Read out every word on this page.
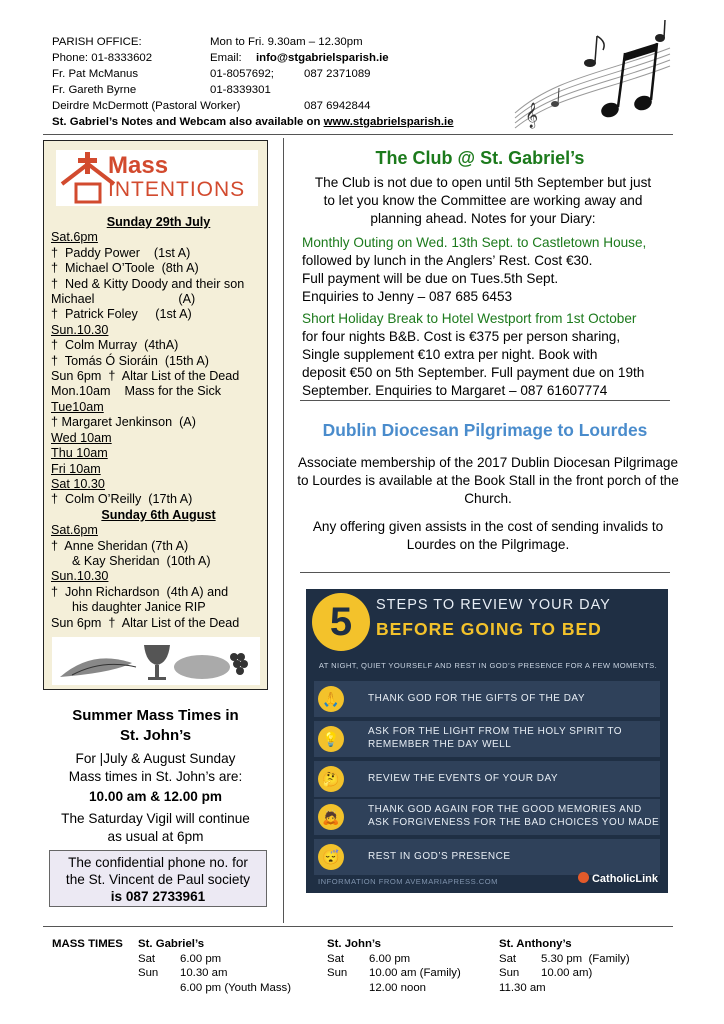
PARISH OFFICE:	Mon to Fri. 9.30am – 12.30pm
Phone: 01-8333602	Email:	info@stgabrielsparish.ie
Fr. Pat McManus	01-8057692;	087 2371089
Fr. Gareth Byrne	01-8339301
Deirdre McDermott (Pastoral Worker)	087 6942844
St. Gabriel’s Notes and Webcam also available on www.stgabrielsparish.ie	𝄞
Mass
INTENTIONS
Sunday 29th July
Sat.6pm
†  Paddy Power    (1st A)
†  Michael O’Toole  (8th A)
†  Ned & Kitty Doody and their son
Michael                        (A)
†  Patrick Foley     (1st A)
Sun.10.30
†  Colm Murray  (4thA)
†  Tomás Ó Sioráin  (15th A)
Sun 6pm  †  Altar List of the Dead
Mon.10am    Mass for the Sick
Tue10am
† Margaret Jenkinson  (A)
Wed 10am
Thu 10am
Fri 10am
Sat 10.30
†  Colm O’Reilly  (17th A)
Sunday 6th August
Sat.6pm
†  Anne Sheridan (7th A)
& Kay Sheridan  (10th A)
Sun.10.30
†  John Richardson  (4th A) and
his daughter Janice RIP
Sun 6pm  †  Altar List of the Dead
Summer Mass Times in
St. John’s
For |July & August Sunday
Mass times in St. John’s are:
10.00 am & 12.00 pm
The Saturday Vigil will continue
as usual at 6pm
The confidential phone no. for
the St. Vincent de Paul society
is 087 2733961
The Club @ St. Gabriel’s
The Club is not due to open until 5th September but just
to let you know the Committee are working away and
planning ahead. Notes for your Diary:

Monthly Outing on Wed. 13th Sept. to Castletown House,
followed by lunch in the Anglers’ Rest. Cost €30.
Full payment will be due on Tues.5th Sept.
Enquiries to Jenny – 087 685 6453

Short Holiday Break to Hotel Westport from 1st October
for four nights B&B. Cost is €375 per person sharing,
Single supplement €10 extra per night. Book with
deposit €50 on 5th September. Full payment due on 19th
September. Enquiries to Margaret – 087 61607774

Dublin Diocesan Pilgrimage to Lourdes

Associate membership of the 2017 Dublin Diocesan Pilgrimage to Lourdes is available at the Book Stall in the front porch of the Church.

Any offering given assists in the cost of sending invalids to Lourdes on the Pilgrimage.

5	STEPS TO REVIEW YOUR DAY
BEFORE GOING TO BED
AT NIGHT, QUIET YOURSELF AND REST IN GOD’S PRESENCE FOR A FEW MOMENTS.
🙏	THANK GOD FOR THE GIFTS OF THE DAY
💡	ASK FOR THE LIGHT FROM THE HOLY SPIRIT TO
REMEMBER THE DAY WELL
🤔	REVIEW THE EVENTS OF YOUR DAY
🙇	THANK GOD AGAIN FOR THE GOOD MEMORIES AND
ASK FORGIVENESS FOR THE BAD CHOICES YOU MADE
😴	REST IN GOD’S PRESENCE
INFORMATION FROM AVEMARIAPRESS.COM	CatholicLink
MASS TIMES St. Gabriel’s
Sat	6.00 pm
Sun	10.30 am
6.00 pm (Youth Mass)
St. John’s
Sat	6.00 pm
Sun	10.00 am (Family)
12.00 noon
St. Anthony’s
Sat	5.30 pm  (Family)
Sun	10.00 am)
11.30 am
